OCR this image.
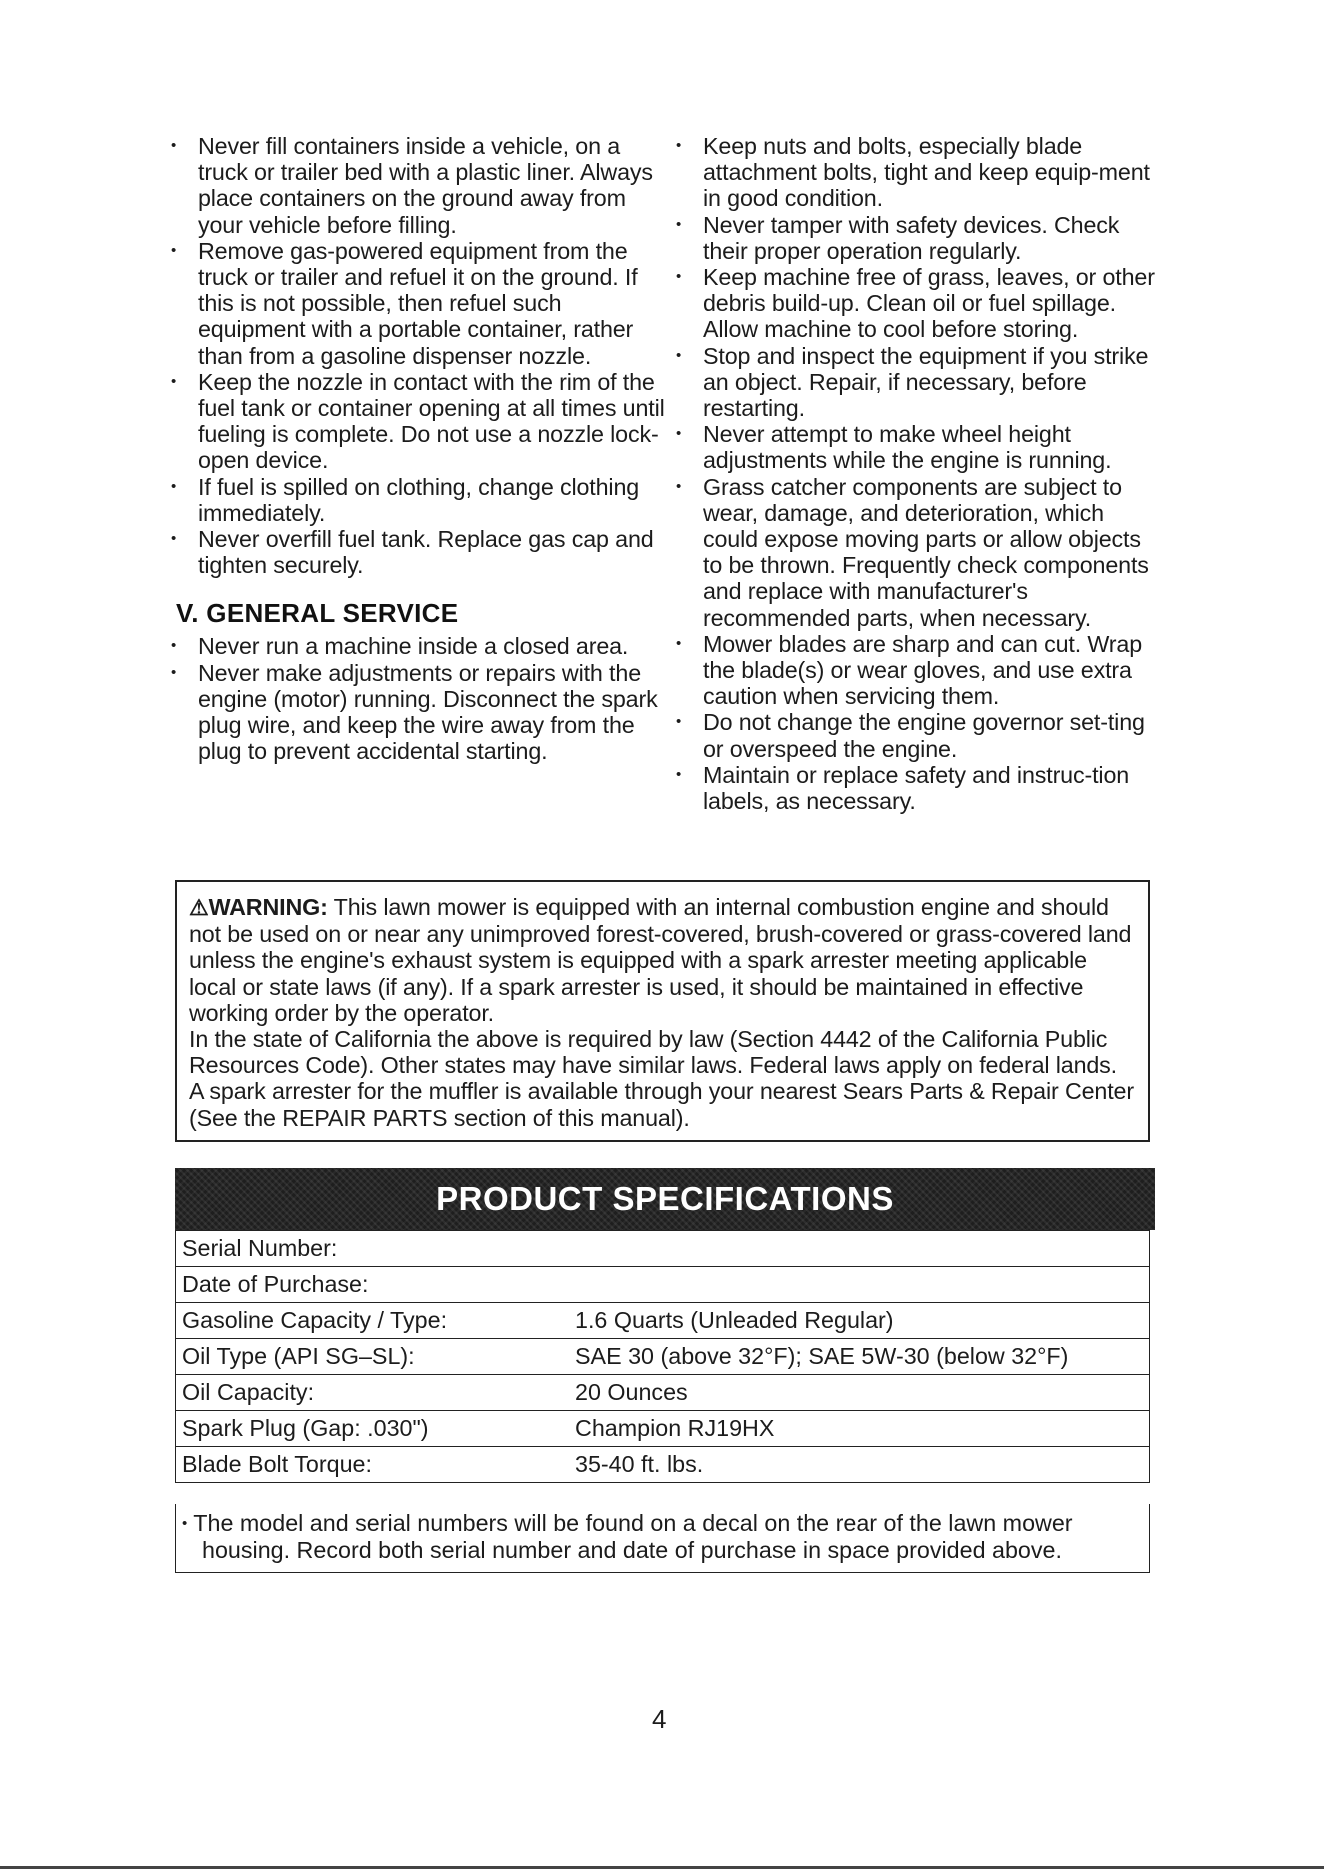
• Never fill containers inside a vehicle, on a truck or trailer bed with a plastic liner. Always place containers on the ground away from your vehicle before filling.
• Remove gas-powered equipment from the truck or trailer and refuel it on the ground. If this is not possible, then refuel such equipment with a portable container, rather than from a gasoline dispenser nozzle.
• Keep the nozzle in contact with the rim of the fuel tank or container opening at all times until fueling is complete. Do not use a nozzle lock-open device.
• If fuel is spilled on clothing, change clothing immediately.
• Never overfill fuel tank. Replace gas cap and tighten securely.
V. GENERAL SERVICE
• Never run a machine inside a closed area.
• Never make adjustments or repairs with the engine (motor) running. Disconnect the spark plug wire, and keep the wire away from the plug to prevent accidental starting.
• Keep nuts and bolts, especially blade attachment bolts, tight and keep equip-ment in good condition.
• Never tamper with safety devices. Check their proper operation regularly.
• Keep machine free of grass, leaves, or other debris build-up. Clean oil or fuel spillage. Allow machine to cool before storing.
• Stop and inspect the equipment if you strike an object. Repair, if necessary, before restarting.
• Never attempt to make wheel height adjustments while the engine is running.
• Grass catcher components are subject to wear, damage, and deterioration, which could expose moving parts or allow objects to be thrown. Frequently check components and replace with manufacturer's recommended parts, when necessary.
• Mower blades are sharp and can cut. Wrap the blade(s) or wear gloves, and use extra caution when servicing them.
• Do not change the engine governor set-ting or overspeed the engine.
• Maintain or replace safety and instruc-tion labels, as necessary.

⚠WARNING: This lawn mower is equipped with an internal combustion engine and should not be used on or near any unimproved forest-covered, brush-covered or grass-covered land unless the engine's exhaust system is equipped with a spark arrester meeting applicable local or state laws (if any). If a spark arrester is used, it should be maintained in effective working order by the operator.

In the state of California the above is required by law (Section 4442 of the California Public Resources Code). Other states may have similar laws. Federal laws apply on federal lands. A spark arrester for the muffler is available through your nearest Sears Parts & Repair Center (See the REPAIR PARTS section of this manual).

PRODUCT SPECIFICATIONS
Serial Number:

Date of Purchase:

Gasoline Capacity / Type:	1.6 Quarts (Unleaded Regular)

Oil Type (API SG–SL):	SAE 30 (above 32°F); SAE 5W-30 (below 32°F)

Oil Capacity:	20 Ounces

Spark Plug (Gap: .030")	Champion RJ19HX

Blade Bolt Torque:	35-40 ft. lbs.
• The model and serial numbers will be found on a decal on the rear of the lawn mower
housing. Record both serial number and date of purchase in space provided above.
4
